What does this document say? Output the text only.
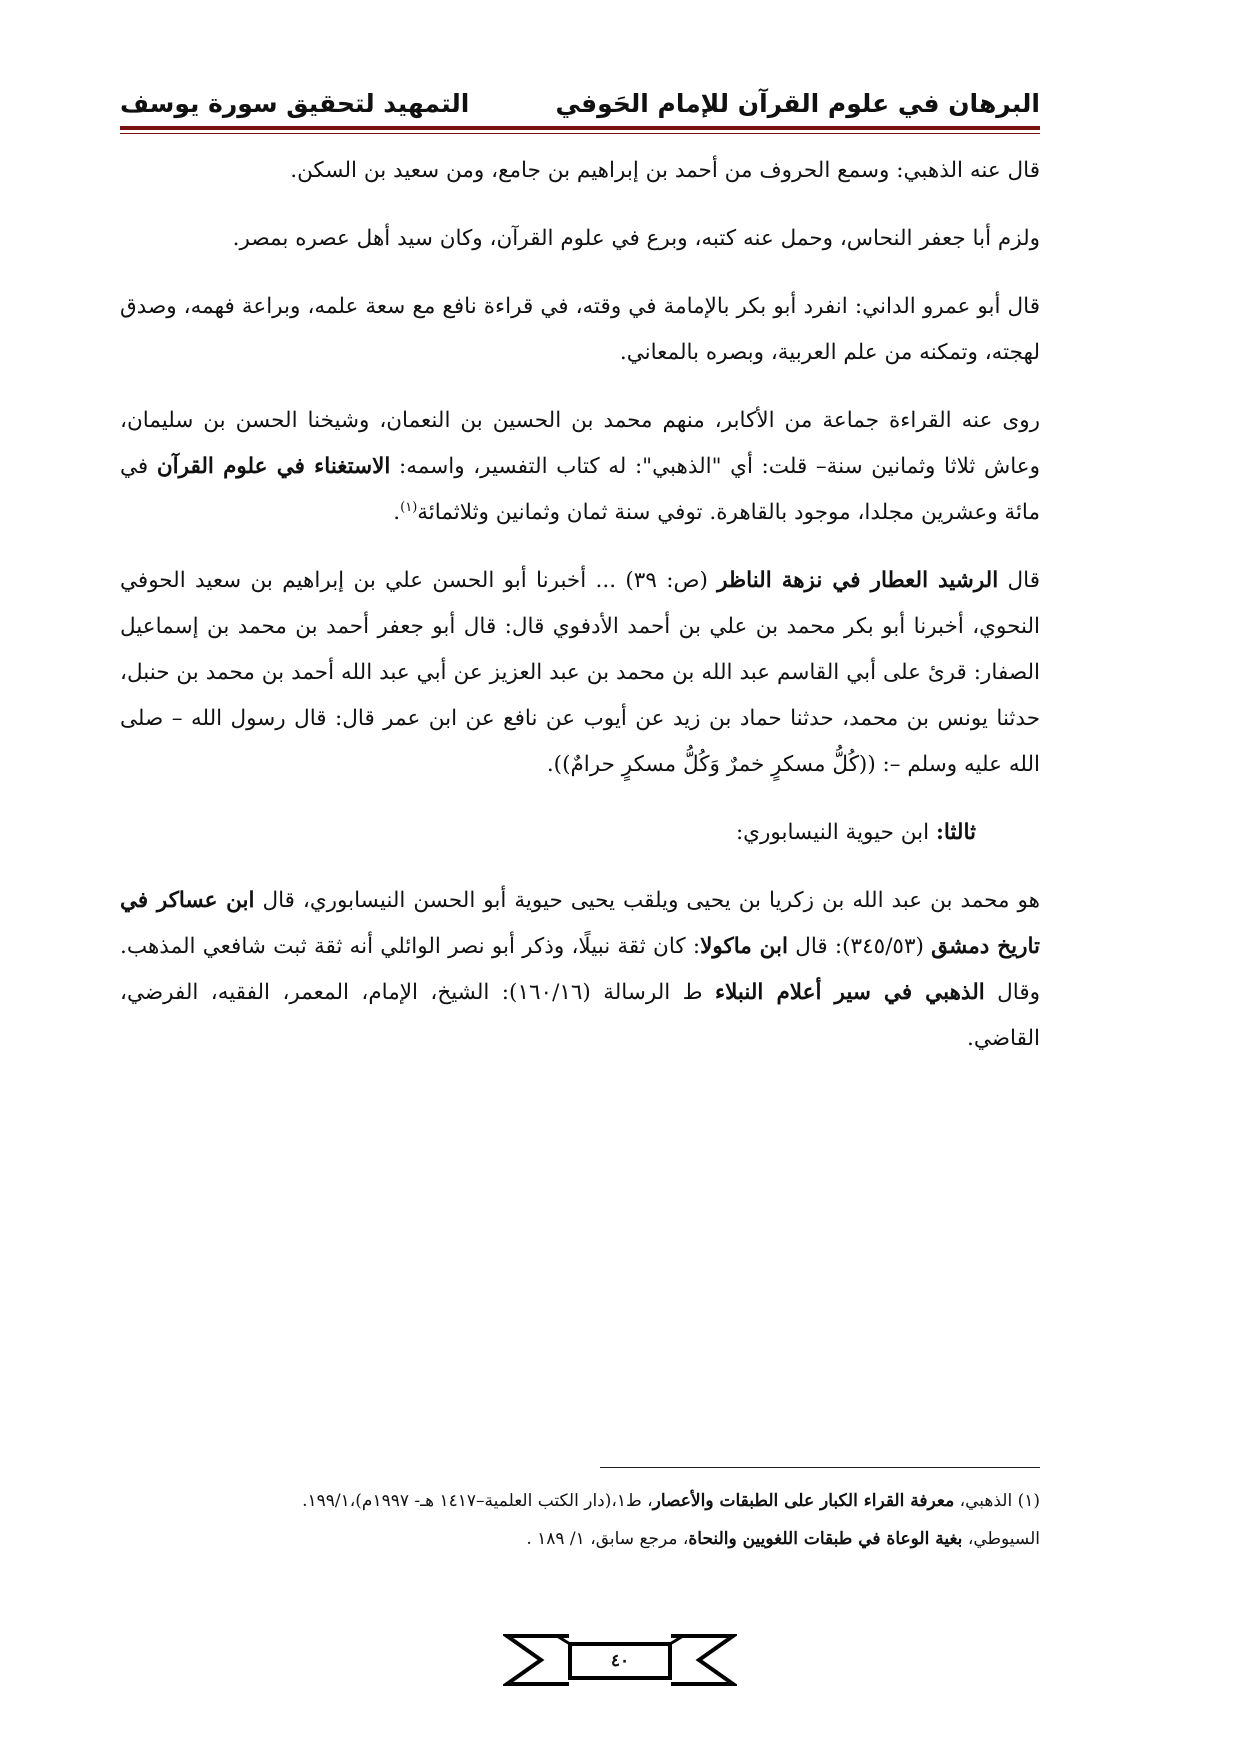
البرهان في علوم القرآن للإمام الحَوفي
التمهيد لتحقيق سورة يوسف

قال عنه الذهبي: وسمع الحروف من أحمد بن إبراهيم بن جامع، ومن سعيد بن السكن.

ولزم أبا جعفر النحاس، وحمل عنه كتبه، وبرع في علوم القرآن، وكان سيد أهل عصره بمصر.

قال أبو عمرو الداني: انفرد أبو بكر بالإمامة في وقته، في قراءة نافع مع سعة علمه، وبراعة فهمه، وصدق لهجته، وتمكنه من علم العربية، وبصره بالمعاني.

روى عنه القراءة جماعة من الأكابر، منهم محمد بن الحسين بن النعمان، وشيخنا الحسن بن سليمان، وعاش ثلاثا وثمانين سنة– قلت: أي "الذهبي": له كتاب التفسير، واسمه: الاستغناء في علوم القرآن في مائة وعشرين مجلدا، موجود بالقاهرة. توفي سنة ثمان وثمانين وثلاثمائة$^{(١)}$.

قال الرشيد العطار في نزهة الناظر (ص: ٣٩) ... أخبرنا أبو الحسن علي بن إبراهيم بن سعيد الحوفي النحوي، أخبرنا أبو بكر محمد بن علي بن أحمد الأدفوي قال: قال أبو جعفر أحمد بن محمد بن إسماعيل الصفار: قرئ على أبي القاسم عبد الله بن محمد بن عبد العزيز عن أبي عبد الله أحمد بن محمد بن حنبل، حدثنا يونس بن محمد، حدثنا حماد بن زيد عن أيوب عن نافع عن ابن عمر قال: قال رسول الله – صلى الله عليه وسلم –: ((كُلُّ مسكرٍ خمرٌ وَكُلُّ مسكرٍ حرامٌ)).

ثالثا: ابن حيوية النيسابوري:

هو محمد بن عبد الله بن زكريا بن يحيى ويلقب يحيى حيوية أبو الحسن النيسابوري، قال ابن عساكر في تاريخ دمشق (٣٤٥/٥٣): قال ابن ماكولا: كان ثقة نبيلًا، وذكر أبو نصر الوائلي أنه ثقة ثبت شافعي المذهب. وقال الذهبي في سير أعلام النبلاء ط الرسالة (١٦٠/١٦): الشيخ، الإمام، المعمر، الفقيه، الفرضي، القاضي.

(١) الذهبي، معرفة القراء الكبار على الطبقات والأعصار، ط١،(دار الكتب العلمية–١٤١٧ هـ- ١٩٩٧م)،١٩٩/١.

السيوطي، بغية الوعاة في طبقات اللغويين والنحاة، مرجع سابق، ١/ ١٨٩ .

٤٠
